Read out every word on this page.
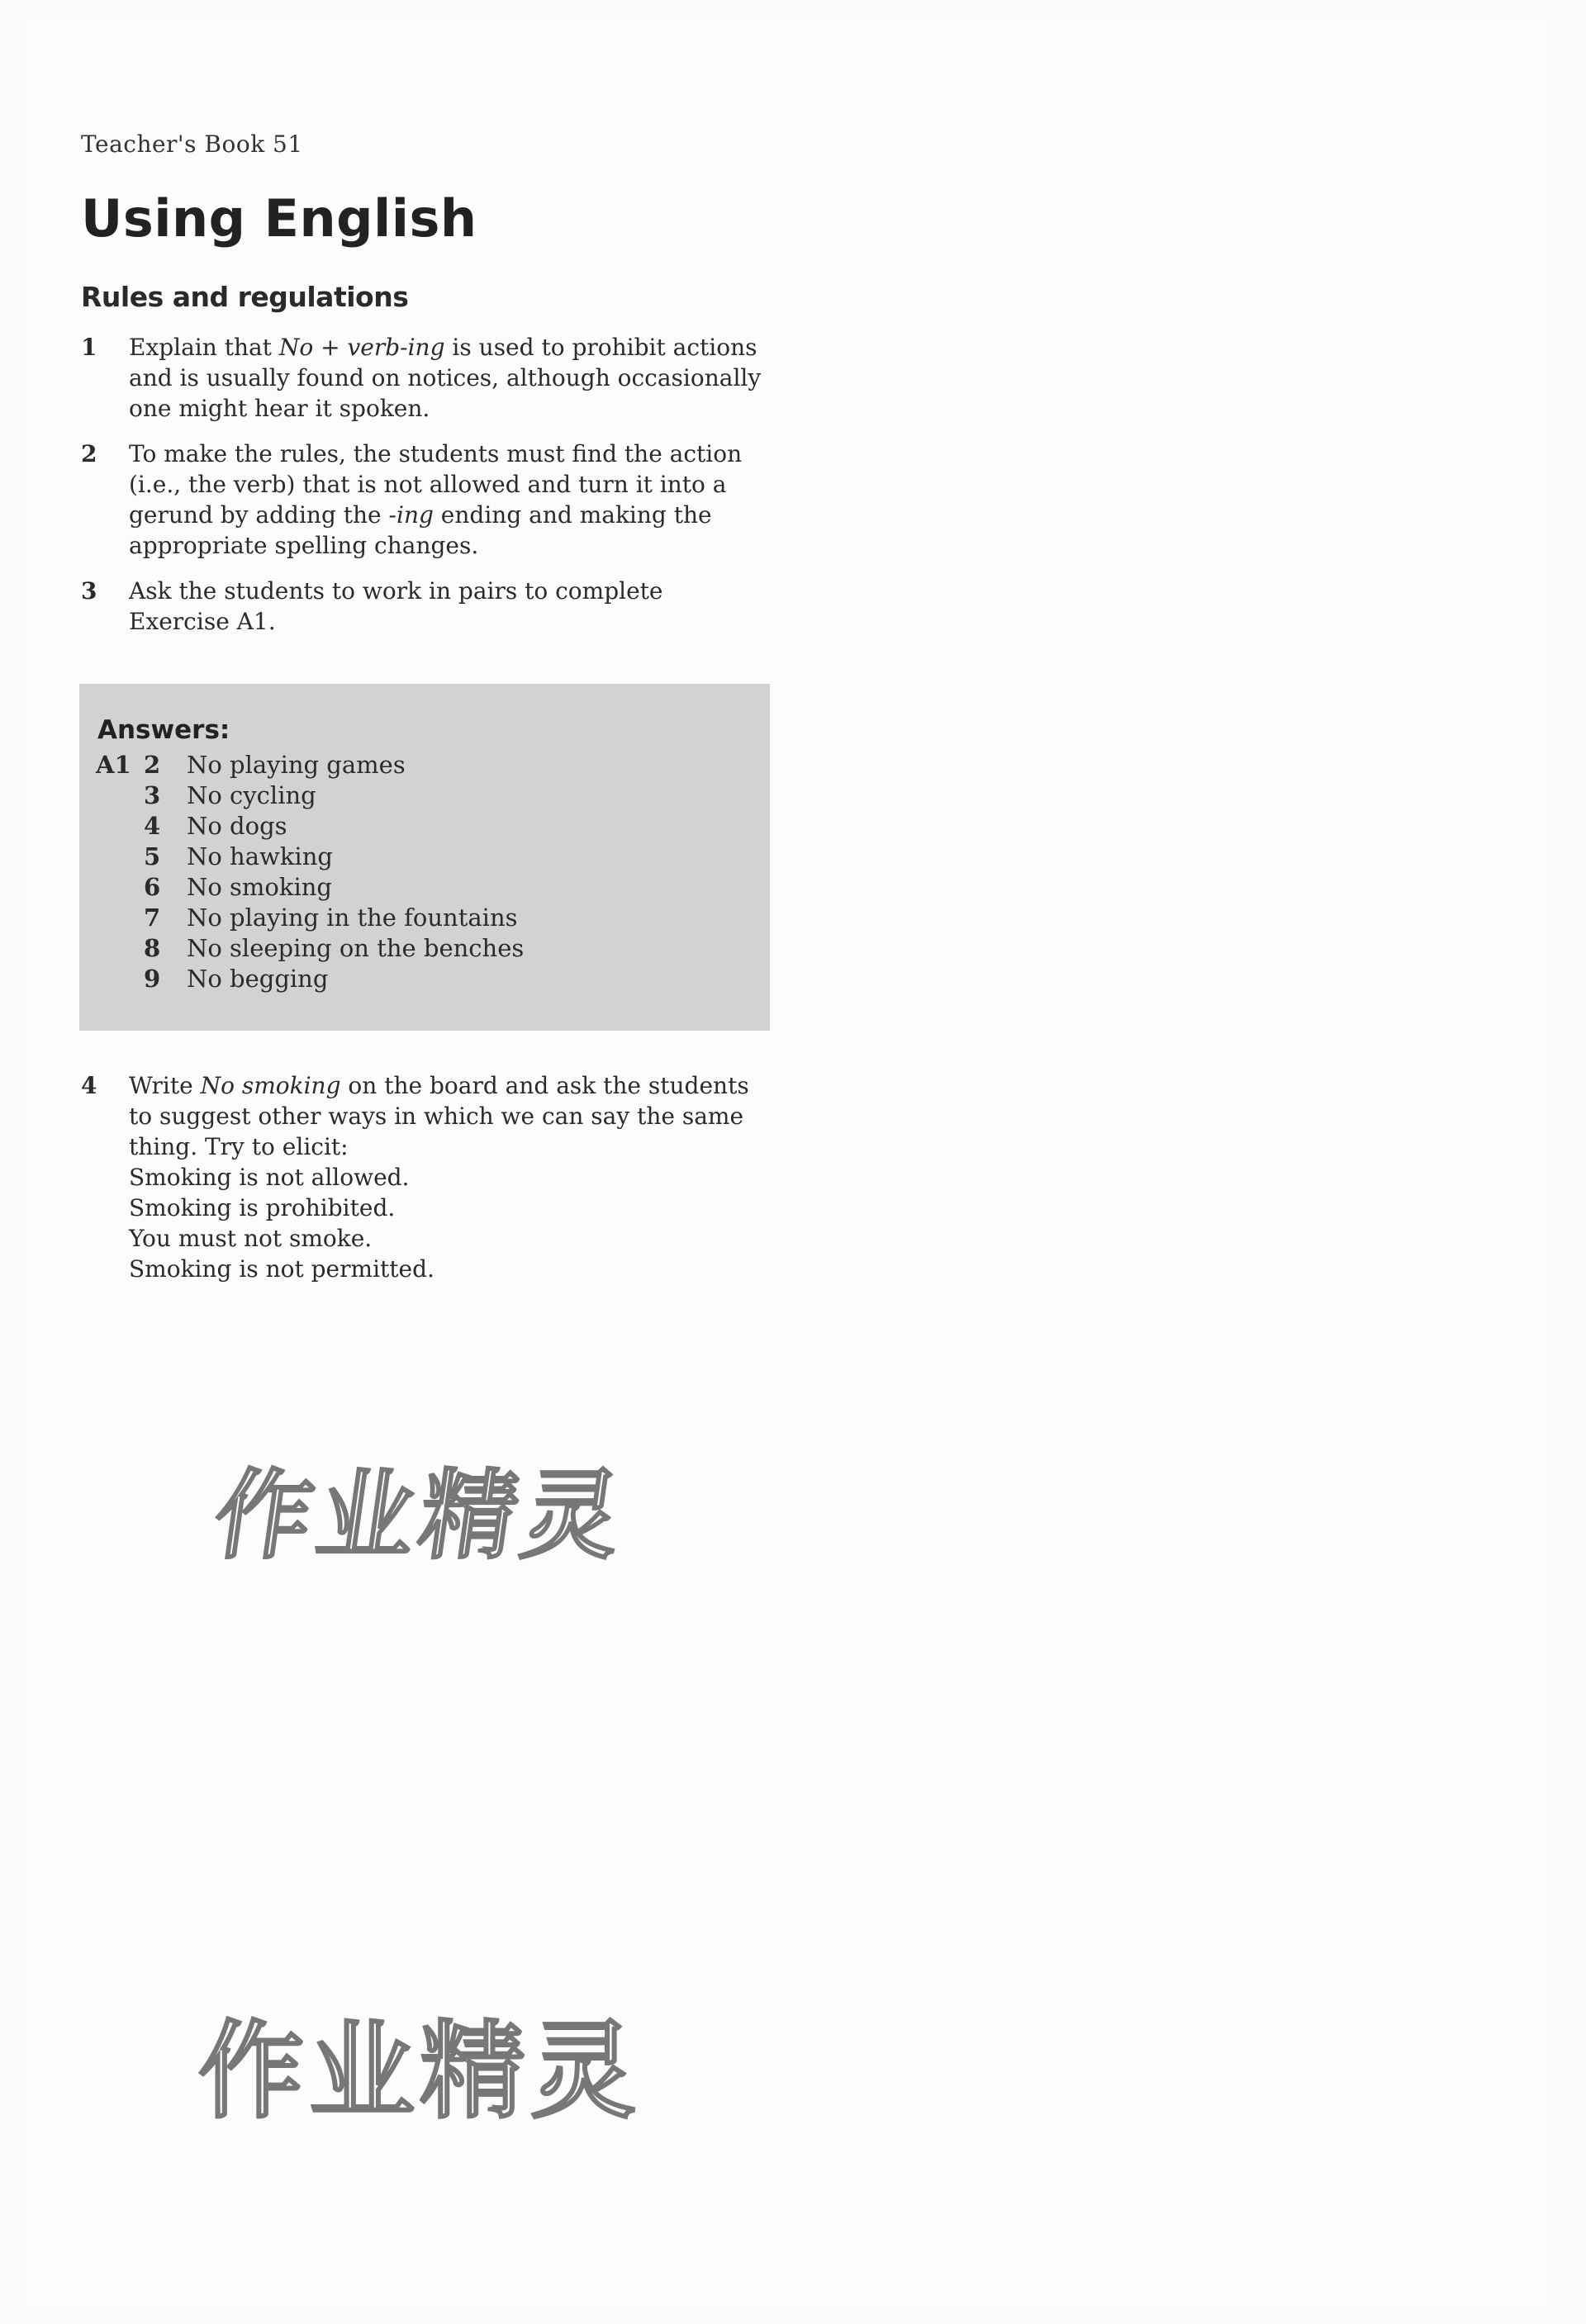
Teacher's Book 51
Using English
Rules and regulations
1	Explain that No + verb-ing is used to prohibit actions and is usually found on notices, although occasionally one might hear it spoken.
2	To make the rules, the students must find the action (i.e., the verb) that is not allowed and turn it into a gerund by adding the -ing ending and making the appropriate spelling changes.
3	Ask the students to work in pairs to complete Exercise A1.
Answers:
A1 2	No playing games
3	No cycling
4	No dogs
5	No hawking
6	No smoking
7	No playing in the fountains
8	No sleeping on the benches
9	No begging
4	Write No smoking on the board and ask the students to suggest other ways in which we can say the same thing. Try to elicit:
Smoking is not allowed.
Smoking is prohibited.
You must not smoke.
Smoking is not permitted.
作业精灵
作业精灵
